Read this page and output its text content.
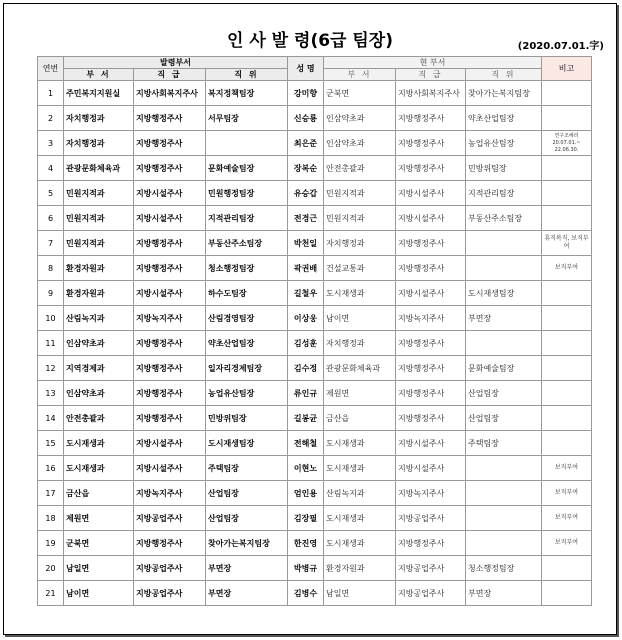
인 사 발 령(6급 팀장)	(2020.07.01.字)
연번	발령부서			성 명	현 부서			비고
	부 서	직 급	직 위		부 서	직 급	직 위	
1	주민복지지원실	지방사회복지주사	복지정책팀장	강미향	군북면	지방사회복지주사	찾아가는복지팀장	
2	자치행정과	지방행정주사	서무팀장	신승룡	인삼약초과	지방행정주사	약초산업팀장	
3	자치행정과	지방행정주사		최은준	인삼약초과	지방행정주사	농업유산팀장	연구조해러 20.07.01.~ 22.06.30.
4	관광문화체육과	지방행정주사	문화예술팀장	장복순	안전총괄과	지방행정주사	민방위팀장	
5	민원지적과	지방시설주사	민원행정팀장	유승갑	민원지적과	지방시설주사	지적관리팀장	
6	민원지적과	지방시설주사	지적관리팀장	전경근	민원지적과	지방시설주사	부동산주소팀장	
7	민원지적과	지방행정주사	부동산주소팀장	박천일	자치행정과	지방행정주사		휴직복직, 보직부여
8	환경자원과	지방행정주사	청소행정팀장	곽권배	건설교통과	지방행정주사		보직부여
9	환경자원과	지방시설주사	하수도팀장	길철우	도시재생과	지방시설주사	도시재생팀장	
10	산림녹지과	지방녹지주사	산림경영팀장	이상웅	남이면	지방녹지주사	부면장	
11	인삼약초과	지방행정주사	약초산업팀장	김성훈	자치행정과	지방행정주사		
12	지역경제과	지방행정주사	일자리경제팀장	김수정	관광문화체육과	지방행정주사	문화예술팀장	
13	인삼약초과	지방행정주사	농업유산팀장	류인규	제원면	지방행정주사	산업팀장	
14	안전총괄과	지방행정주사	민방위팀장	길봉균	금산읍	지방행정주사	산업팀장	
15	도시재생과	지방시설주사	도시재생팀장	전해철	도시재생과	지방시설주사	주택팀장	
16	도시재생과	지방시설주사	주택팀장	이현노	도시재생과	지방시설주사		보직부여
17	금산읍	지방녹지주사	산업팀장	엄인용	산림녹지과	지방녹지주사		보직부여
18	제원면	지방공업주사	산업팀장	김장필	도시재생과	지방공업주사		보직부여
19	군북면	지방행정주사	찾아가는복지팀장	한진영	도시재생과	지방행정주사		보직부여
20	남일면	지방공업주사	부면장	박병규	환경자원과	지방공업주사	청소행정팀장	
21	남이면	지방공업주사	부면장	김병수	남일면	지방공업주사	부면장	
